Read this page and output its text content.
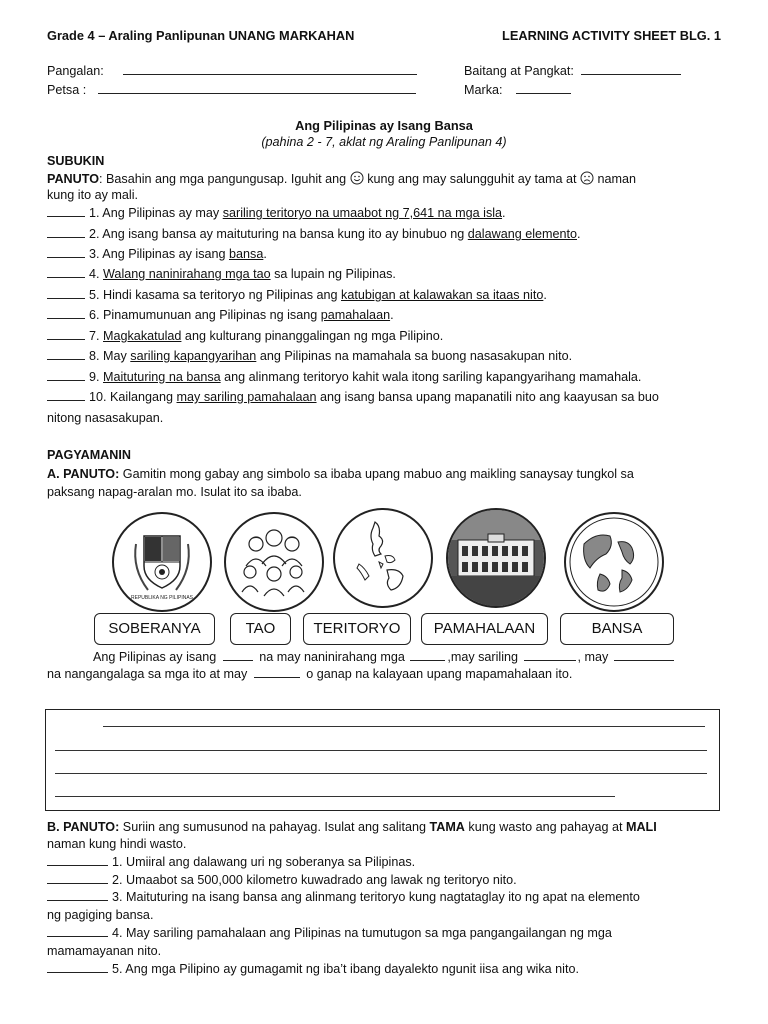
Grade 4 – Araling Panlipunan UNANG MARKAHAN	LEARNING ACTIVITY SHEET BLG. 1
Pangalan:
Petsa :
Baitang at Pangkat:
Marka:
Ang Pilipinas ay Isang Bansa
(pahina 2 - 7, aklat ng Araling Panlipunan 4)
SUBUKIN
PANUTO: Basahin ang mga pangungusap. Iguhit ang kung ang may salungguhit ay tama at naman
kung ito ay mali.
1. Ang Pilipinas ay may sariling teritoryo na umaabot ng 7,641 na mga isla.
2. Ang isang bansa ay maituturing na bansa kung ito ay binubuo ng dalawang elemento.
3. Ang Pilipinas ay isang bansa.
4. Walang naninirahang mga tao sa lupain ng Pilipinas.
5. Hindi kasama sa teritoryo ng Pilipinas ang katubigan at kalawakan sa itaas nito.
6. Pinamumunuan ang Pilipinas ng isang pamahalaan.
7. Magkakatulad ang kulturang pinanggalingan ng mga Pilipino.
8. May sariling kapangyarihan ang Pilipinas na mamahala sa buong nasasakupan nito.
9. Maituturing na bansa ang alinmang teritoryo kahit wala itong sariling kapangyarihang mamahala.
10. Kailangang may sariling pamahalaan ang isang bansa upang mapanatili nito ang kaayusan sa buo
nitong nasasakupan.
PAGYAMANIN
A. PANUTO: Gamitin mong gabay ang simbolo sa ibaba upang mabuo ang maikling sanaysay tungkol sa
paksang napag-aralan mo. Isulat ito sa ibaba.
REPUBLIKA NG PILIPINAS
SOBERANYA	TAO	TERITORYO	PAMAHALAAN	BANSA
Ang Pilipinas ay isang	na may naninirahang mga	,may sariling	, may
na nangangalaga sa mga ito at may	o ganap na kalayaan upang mapamahalaan ito.
B. PANUTO: Suriin ang sumusunod na pahayag. Isulat ang salitang TAMA kung wasto ang pahayag at MALI
naman kung hindi wasto.
1. Umiiral ang dalawang uri ng soberanya sa Pilipinas.
2. Umaabot sa 500,000 kilometro kuwadrado ang lawak ng teritoryo nito.
3. Maituturing na isang bansa ang alinmang teritoryo kung nagtataglay ito ng apat na elemento
ng pagiging bansa.
4. May sariling pamahalaan ang Pilipinas na tumutugon sa mga pangangailangan ng mga
mamamayanan nito.
5. Ang mga Pilipino ay gumagamit ng iba’t ibang dayalekto ngunit iisa ang wika nito.
